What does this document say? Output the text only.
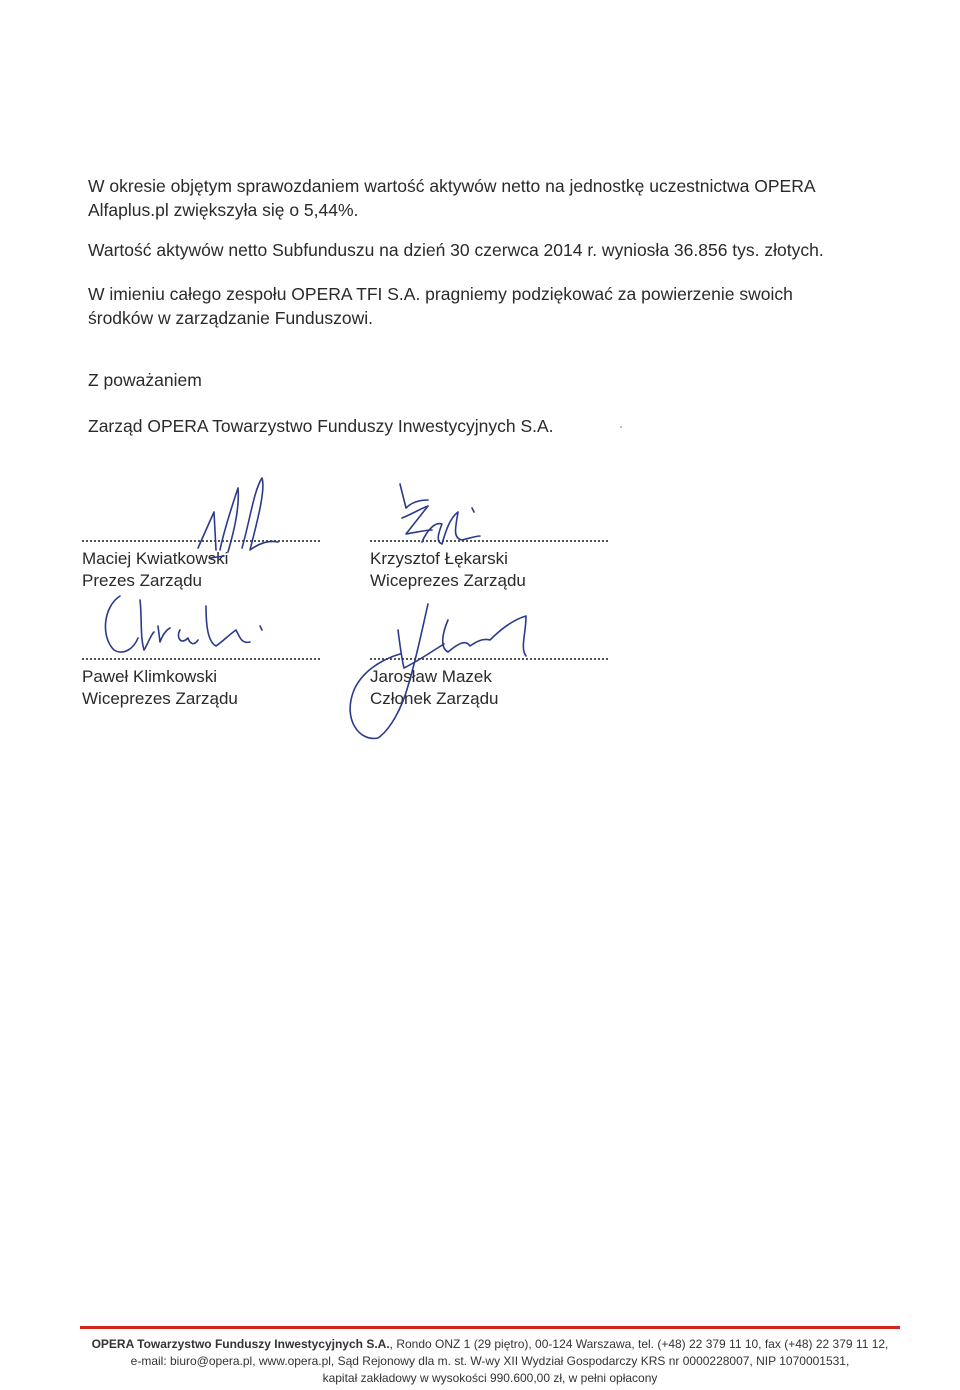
W okresie objętym sprawozdaniem wartość aktywów netto na jednostkę uczestnictwa OPERA Alfaplus.pl zwiększyła się o 5,44%.

Wartość aktywów netto Subfunduszu na dzień 30 czerwca 2014 r. wyniosła 36.856 tys. złotych.

W imieniu całego zespołu OPERA TFI S.A. pragniemy podziękować za powierzenie swoich środków w zarządzanie Funduszowi.

Z poważaniem

Zarząd OPERA Towarzystwo Funduszy Inwestycyjnych S.A.

Maciej Kwiatkowski
Prezes Zarządu
Krzysztof Łękarski
Wiceprezes Zarządu
Paweł Klimkowski
Wiceprezes Zarządu
Jarosław Mazek
Członek Zarządu
OPERA Towarzystwo Funduszy Inwestycyjnych S.A., Rondo ONZ 1 (29 piętro), 00-124 Warszawa, tel. (+48) 22 379 11 10, fax (+48) 22 379 11 12,
e-mail: biuro@opera.pl, www.opera.pl, Sąd Rejonowy dla m. st. W-wy XII Wydział Gospodarczy KRS nr 0000228007, NIP 1070001531,
kapitał zakładowy w wysokości 990.600,00 zł, w pełni opłacony
